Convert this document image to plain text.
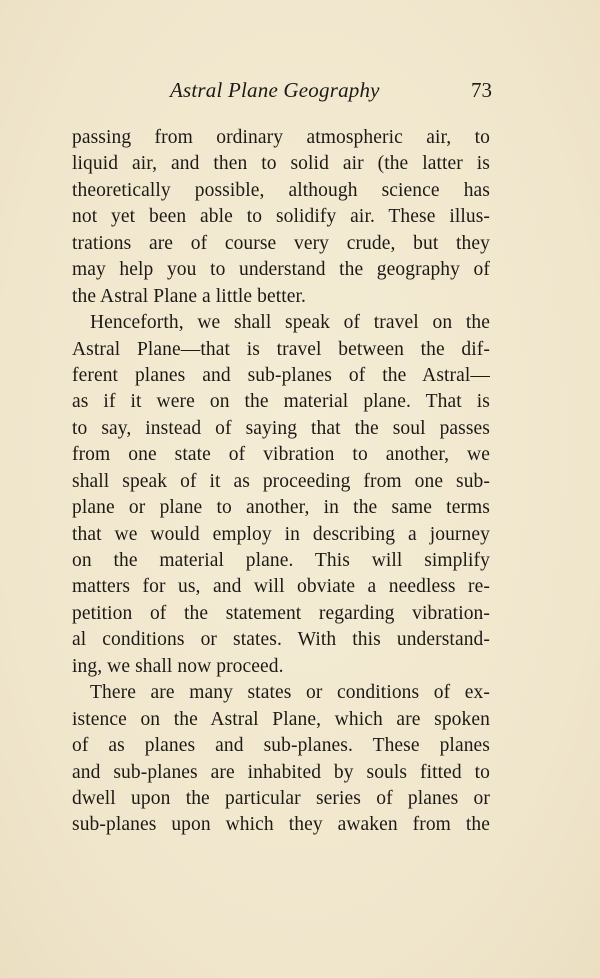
Astral Plane Geography	73
passing from ordinary atmospheric air, to
liquid air, and then to solid air (the latter is
theoretically possible, although science has
not yet been able to solidify air. These illus-
trations are of course very crude, but they
may help you to understand the geography of
the Astral Plane a little better.
Henceforth, we shall speak of travel on the
Astral Plane—that is travel between the dif-
ferent planes and sub-planes of the Astral—
as if it were on the material plane. That is
to say, instead of saying that the soul passes
from one state of vibration to another, we
shall speak of it as proceeding from one sub-
plane or plane to another, in the same terms
that we would employ in describing a journey
on the material plane. This will simplify
matters for us, and will obviate a needless re-
petition of the statement regarding vibration-
al conditions or states. With this understand-
ing, we shall now proceed.
There are many states or conditions of ex-
istence on the Astral Plane, which are spoken
of as planes and sub-planes. These planes
and sub-planes are inhabited by souls fitted to
dwell upon the particular series of planes or
sub-planes upon which they awaken from the
